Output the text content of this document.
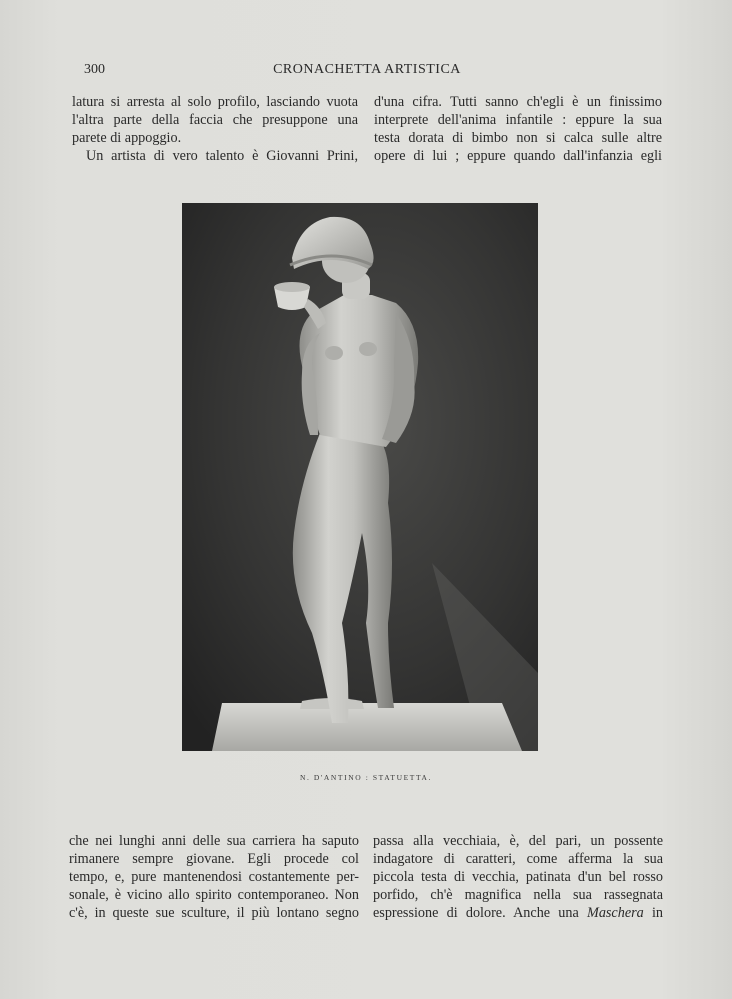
300	CRONACHETTA ARTISTICA
latura si arresta al solo profilo, lasciando vuota
l'altra parte della faccia che presuppone una
parete di appoggio.
Un artista di vero talento è Giovanni Prini,
d'una cifra. Tutti sanno ch'egli è un finissimo
interprete dell'anima infantile : eppure la sua
testa dorata di bimbo non si calca sulle altre
opere di lui ; eppure quando dall'infanzia egli
N. D'ANTINO : STATUETTA.
che nei lunghi anni delle sua carriera ha saputo
rimanere sempre giovane. Egli procede col
tempo, e, pure mantenendosi costantemente per-
sonale, è vicino allo spirito contemporaneo. Non
c'è, in queste sue sculture, il più lontano segno
passa alla vecchiaia, è, del pari, un possente
indagatore di caratteri, come afferma la sua
piccola testa di vecchia, patinata d'un bel rosso
porfido, ch'è magnifica nella sua rassegnata
espressione di dolore. Anche una Maschera in
